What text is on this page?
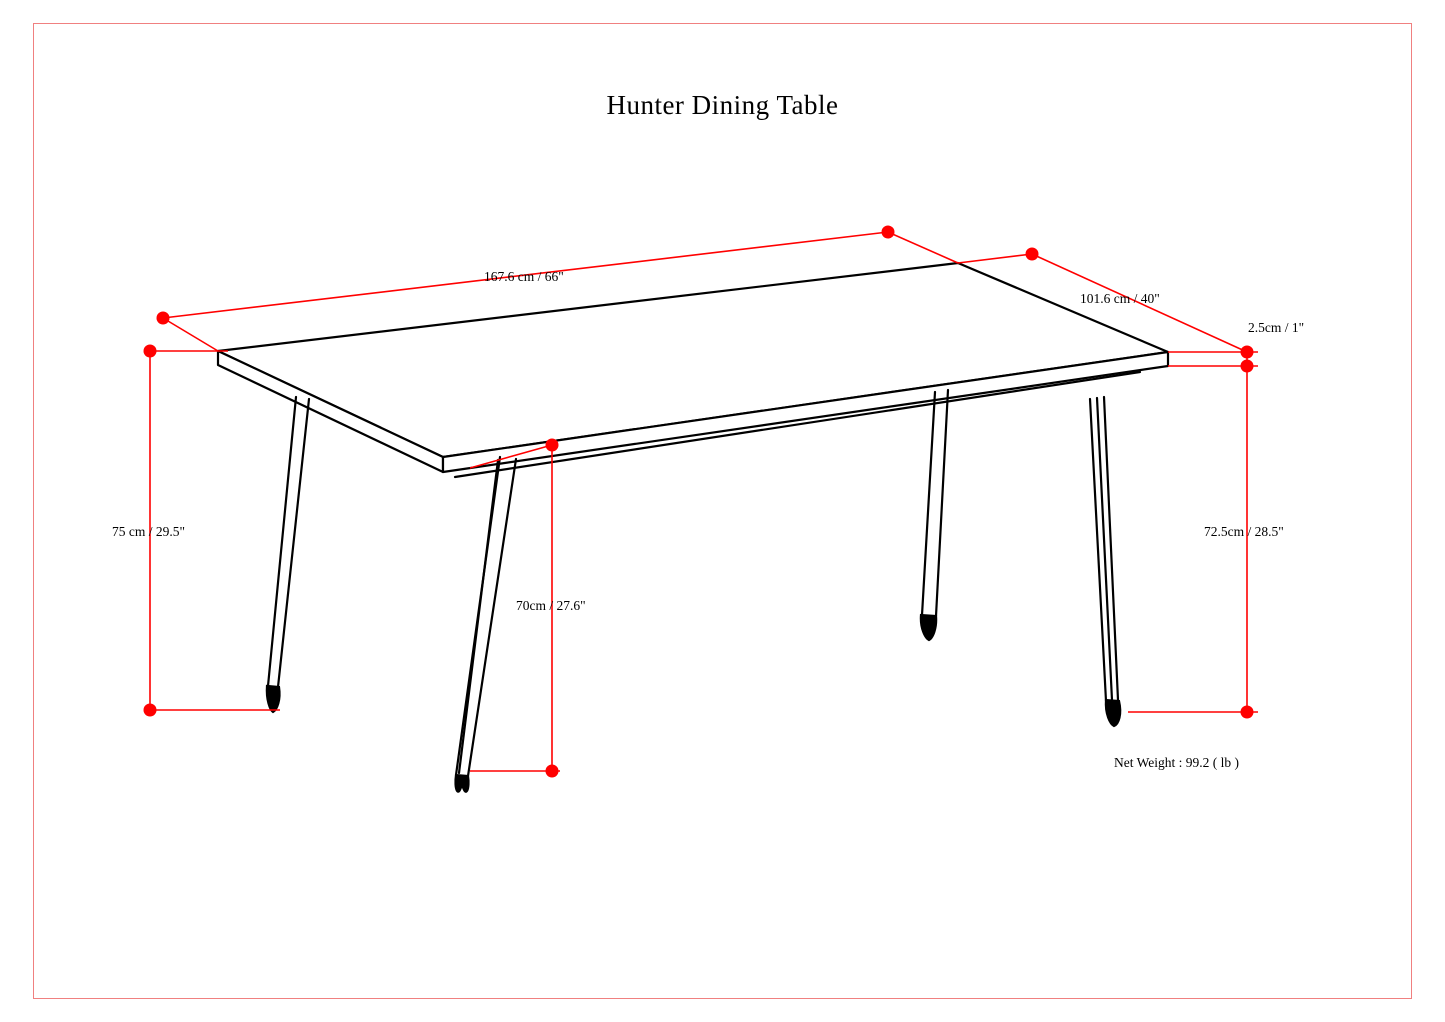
Hunter Dining Table
167.6 cm / 66"
101.6 cm / 40"
2.5cm / 1"
75 cm / 29.5"	72.5cm / 28.5"
70cm / 27.6"
Net Weight : 99.2 ( lb )
